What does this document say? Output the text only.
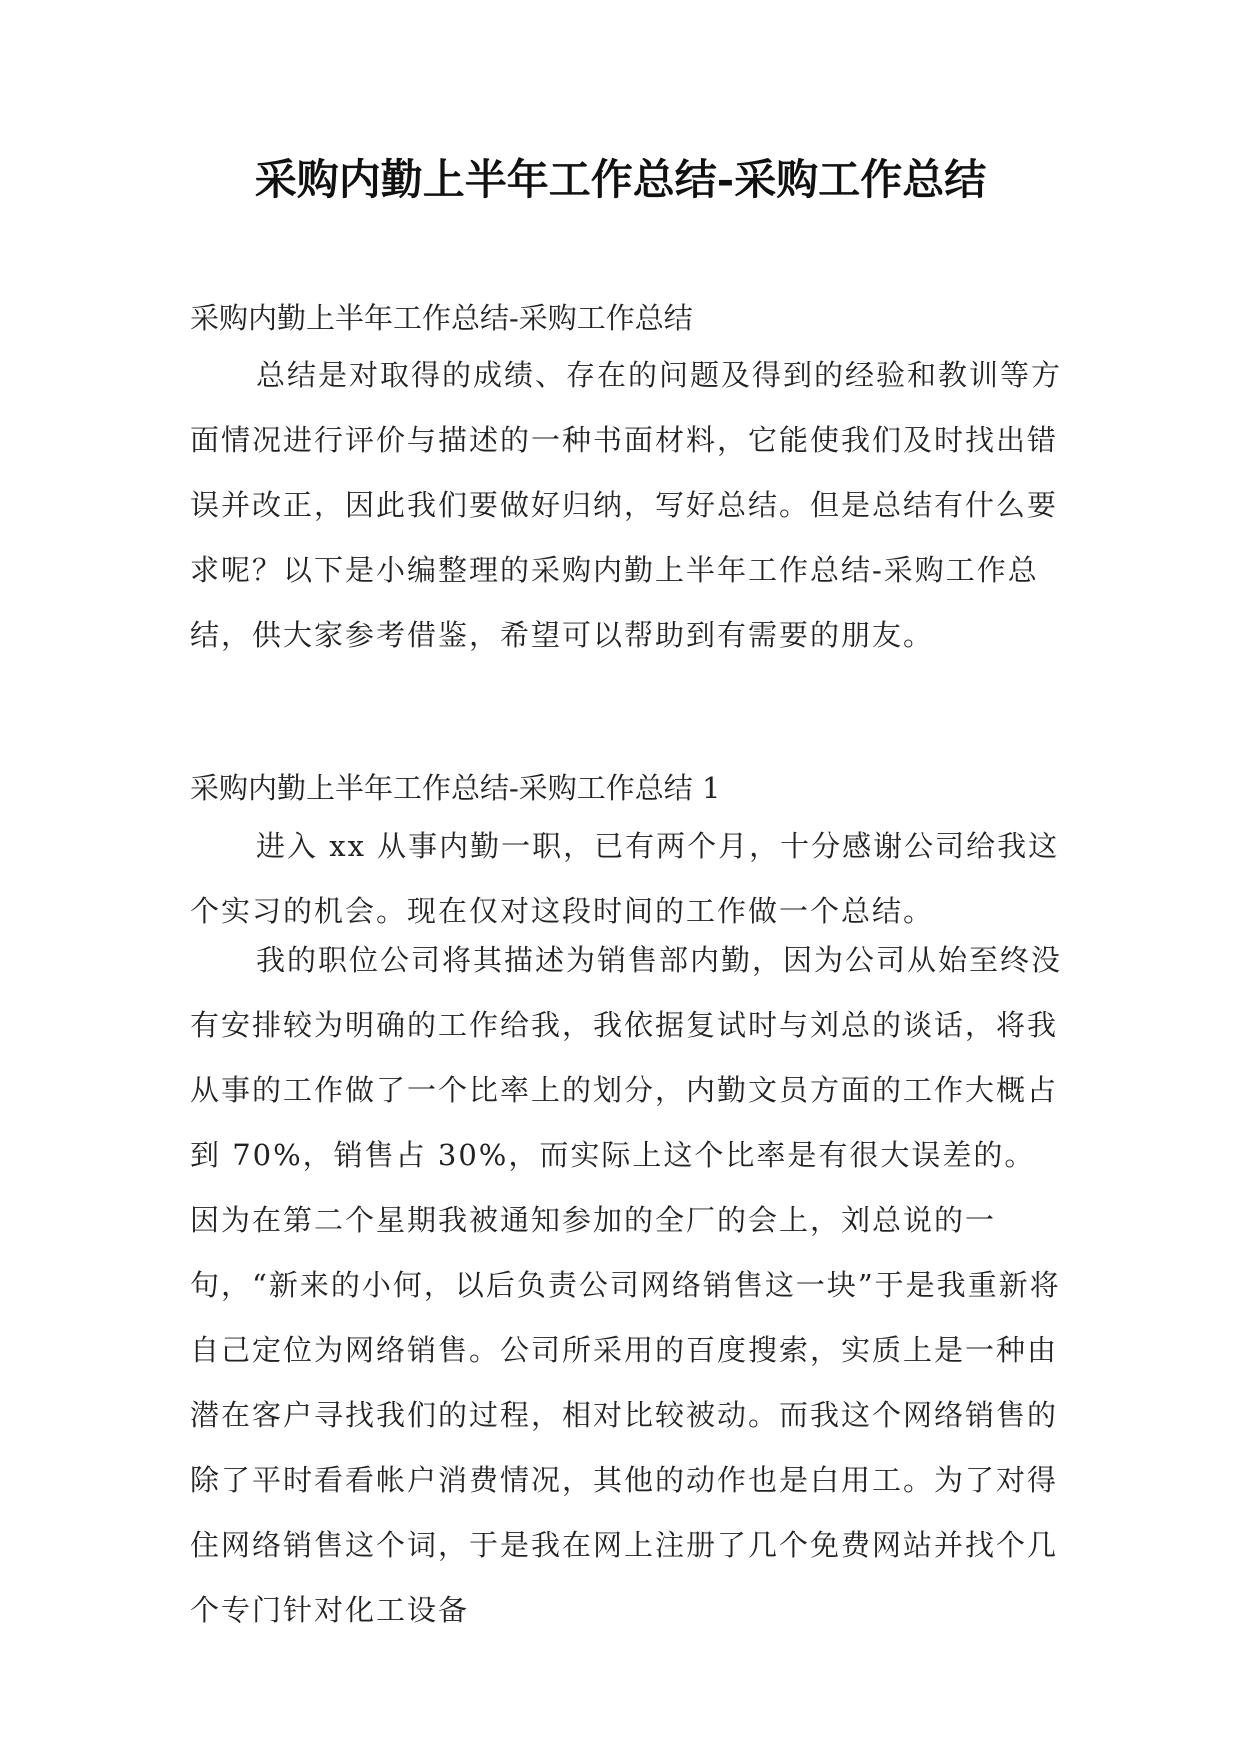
采购内勤上半年工作总结-采购工作总结

采购内勤上半年工作总结-采购工作总结

总结是对取得的成绩、存在的问题及得到的经验和教训等方面情况进行评价与描述的一种书面材料，它能使我们及时找出错误并改正，因此我们要做好归纳，写好总结。但是总结有什么要求呢？以下是小编整理的采购内勤上半年工作总结-采购工作总结，供大家参考借鉴，希望可以帮助到有需要的朋友。

采购内勤上半年工作总结-采购工作总结 1

进入 xx 从事内勤一职，已有两个月，十分感谢公司给我这个实习的机会。现在仅对这段时间的工作做一个总结。

我的职位公司将其描述为销售部内勤，因为公司从始至终没有安排较为明确的工作给我，我依据复试时与刘总的谈话，将我从事的工作做了一个比率上的划分，内勤文员方面的工作大概占到 70%，销售占 30%，而实际上这个比率是有很大误差的。因为在第二个星期我被通知参加的全厂的会上，刘总说的一句，“新来的小何，以后负责公司网络销售这一块”于是我重新将自己定位为网络销售。公司所采用的百度搜索，实质上是一种由潜在客户寻找我们的过程，相对比较被动。而我这个网络销售的除了平时看看帐户消费情况，其他的动作也是白用工。为了对得住网络销售这个词，于是我在网上注册了几个免费网站并找个几个专门针对化工设备
